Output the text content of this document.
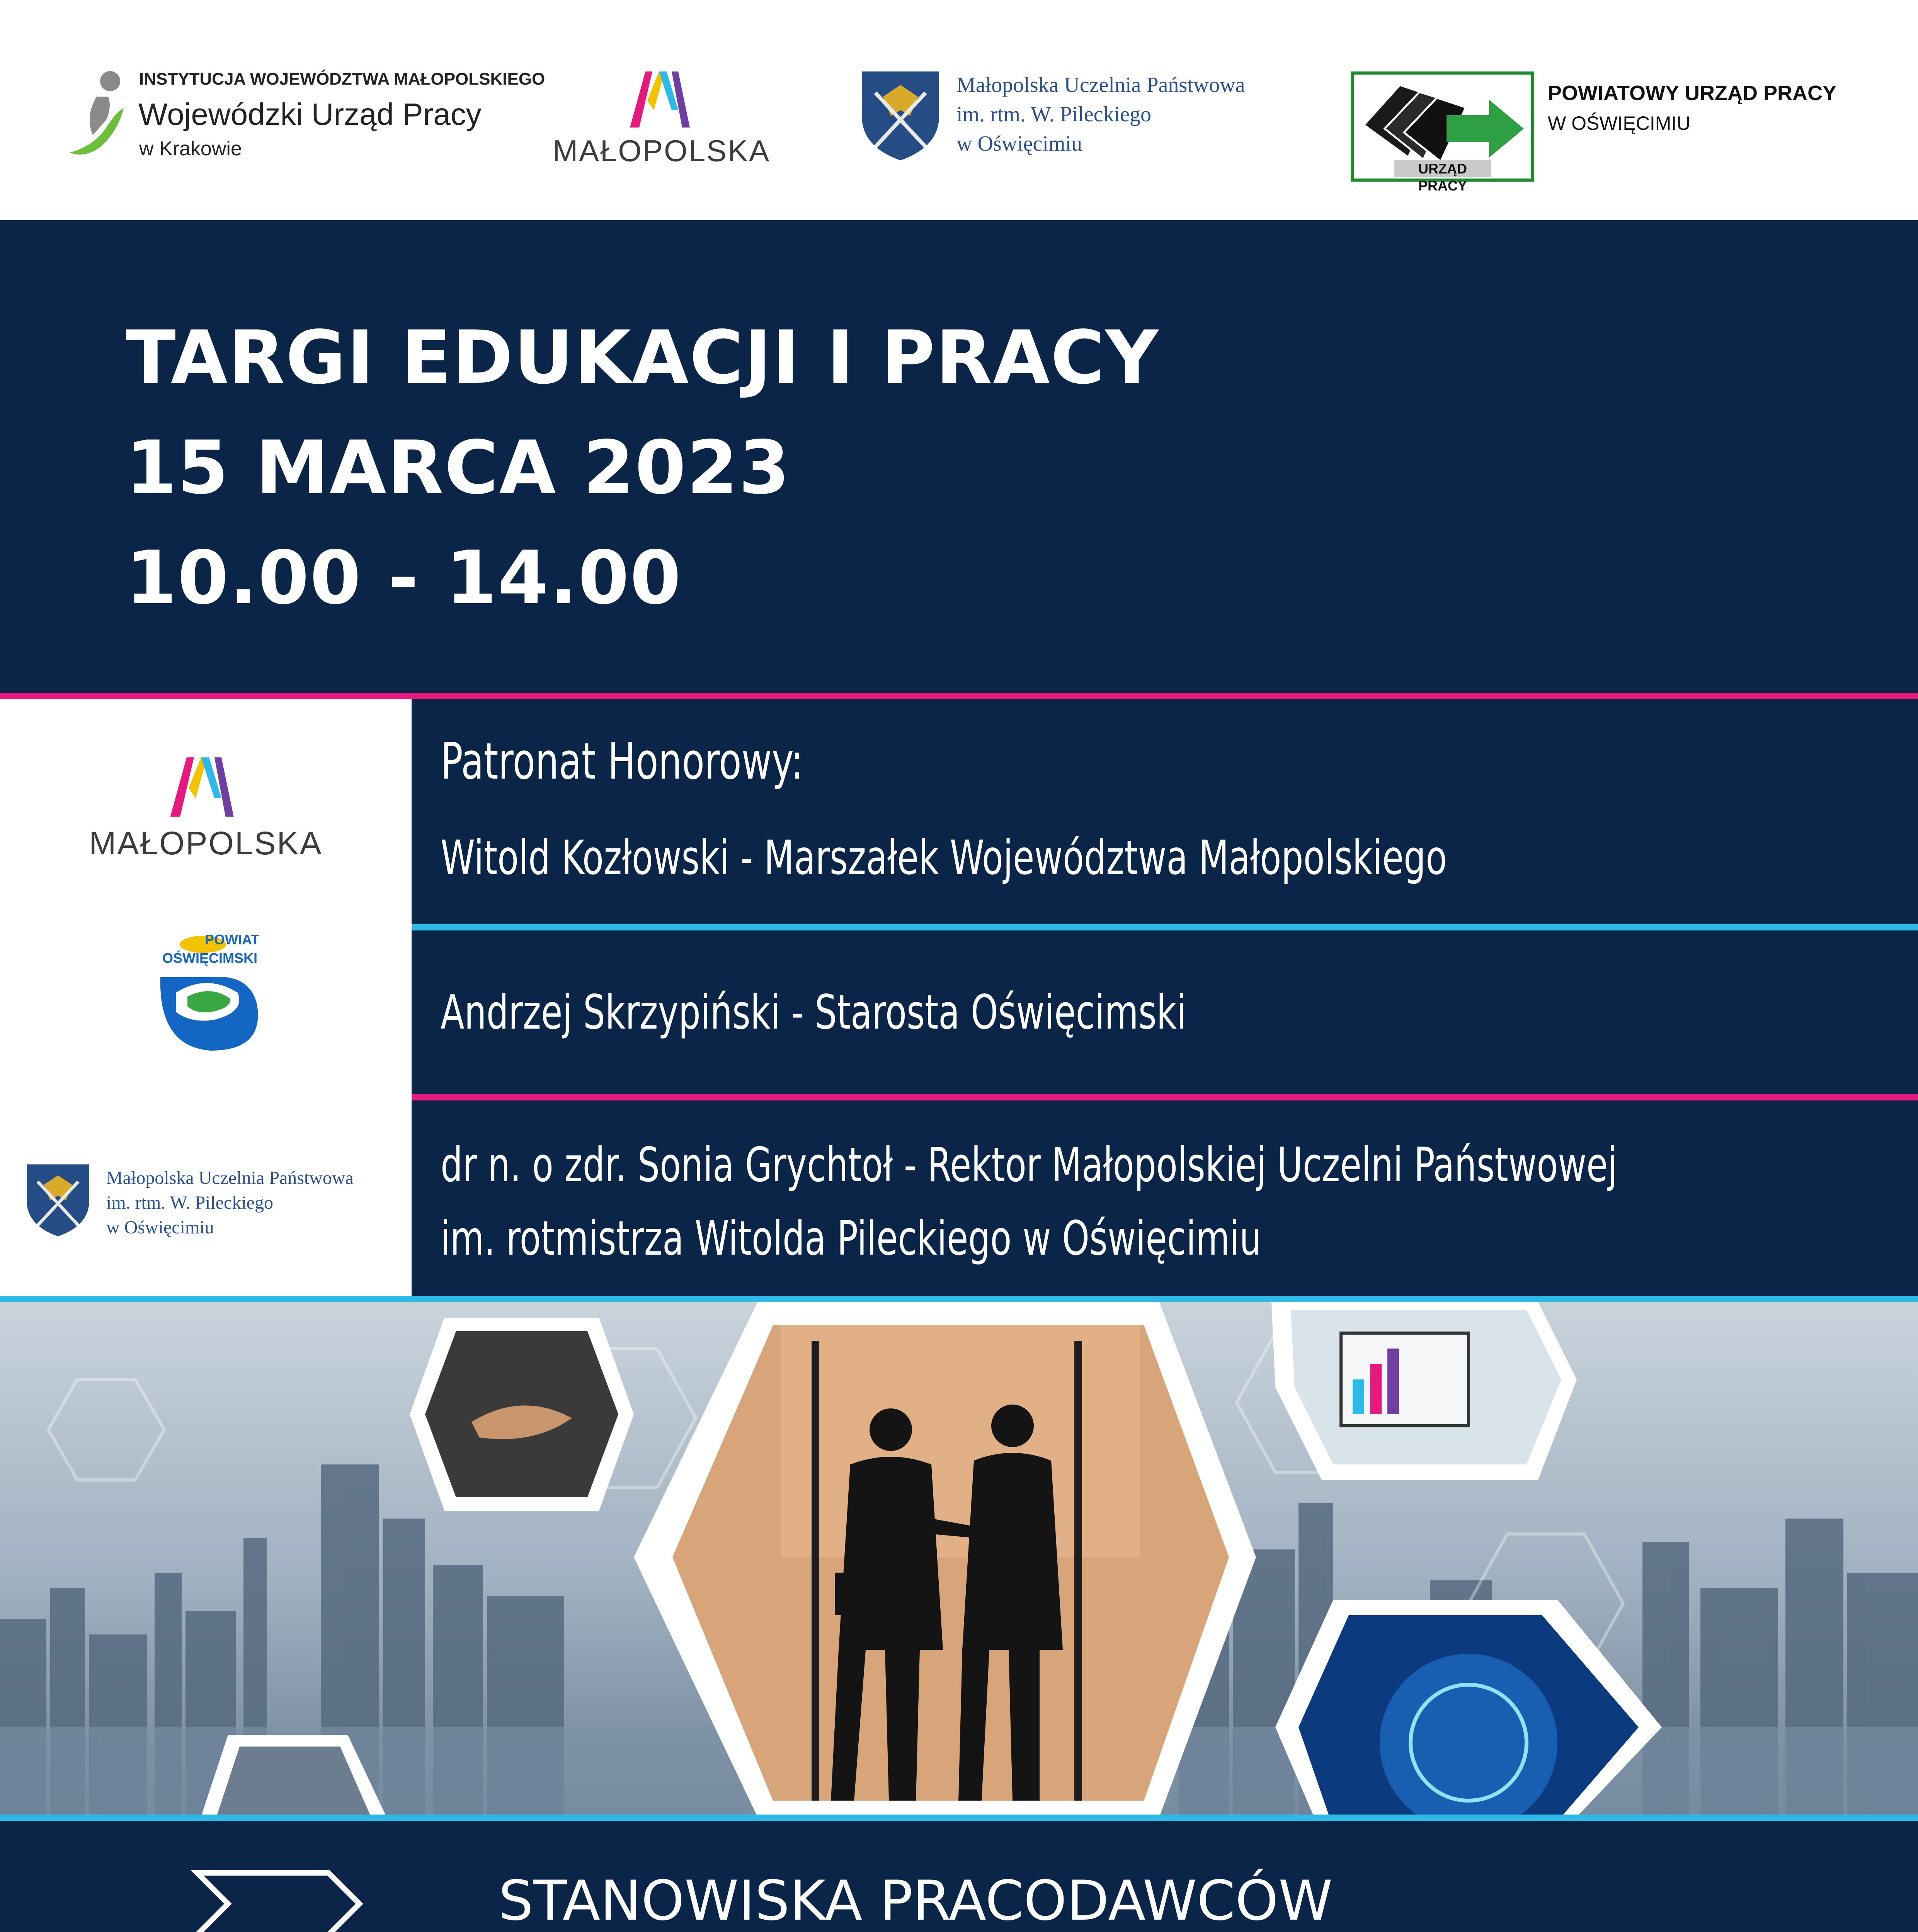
INSTYTUCJA WOJEWÓDZTWA MAŁOPOLSKIEGO
Wojewódzki Urząd Pracy
w Krakowie	MAŁOPOLSKA
Małopolska Uczelnia Państwowa
im. rtm. W. Pileckiego
w Oświęcimiu
URZĄD PRACY
POWIATOWY URZĄD PRACY
W OŚWIĘCIMIU
TARGI EDUKACJI I PRACY
15 MARCA 2023
10.00 - 14.00
MAŁOPOLSKA
POWIAT
OŚWIĘCIMSKI
Małopolska Uczelnia Państwowa
im. rtm. W. Pileckiego
w Oświęcimiu
Patronat Honorowy:
Witold Kozłowski - Marszałek Województwa Małopolskiego
Andrzej Skrzypiński - Starosta Oświęcimski
dr n. o zdr. Sonia Grychtoł - Rektor Małopolskiej Uczelni Państwowej
im. rotmistrza Witolda Pileckiego w Oświęcimiu
STANOWISKA PRACODAWCÓW
